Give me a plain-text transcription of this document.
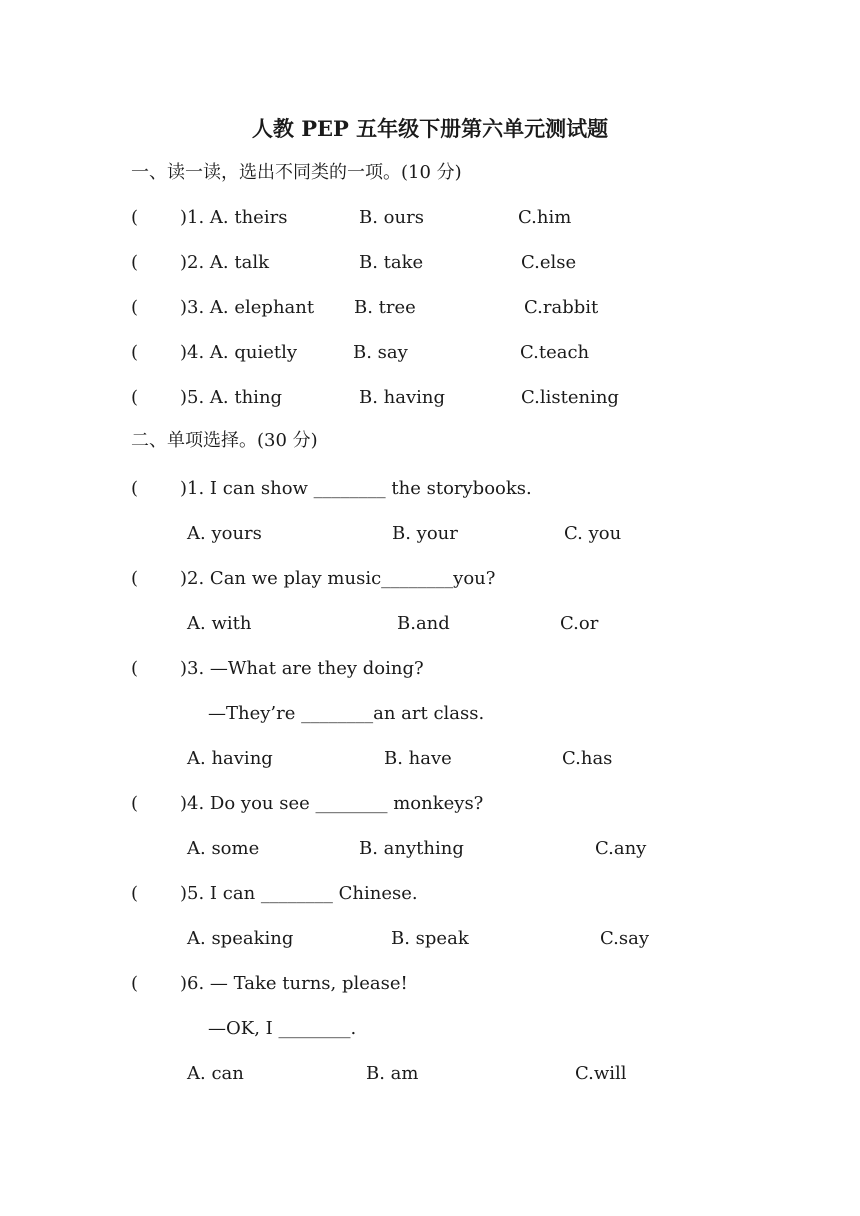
人教 PEP 五年级下册第六单元测试题
一、读一读，选出不同类的一项。(10 分)
( )1. A. theirs	B. ours	C.him
( )2. A. talk	B. take	C.else
( )3. A. elephant B. tree	C.rabbit
( )4. A. quietly	B. say	C.teach
( )5. A. thing	B. having	C.listening
二、单项选择。(30 分)
( )1. I can show ________ the storybooks.
A. yours	B. your	C. you
( )2. Can we play music________you?
A. with	B.and	C.or
( )3. —What are they doing?
—They’re ________an art class.
A. having	B. have	C.has
( )4. Do you see ________ monkeys?
A. some	B. anything	C.any
( )5. I can ________ Chinese.
A. speaking	B. speak	C.say
( )6. — Take turns, please!
—OK, I ________.
A. can	B. am	C.will
